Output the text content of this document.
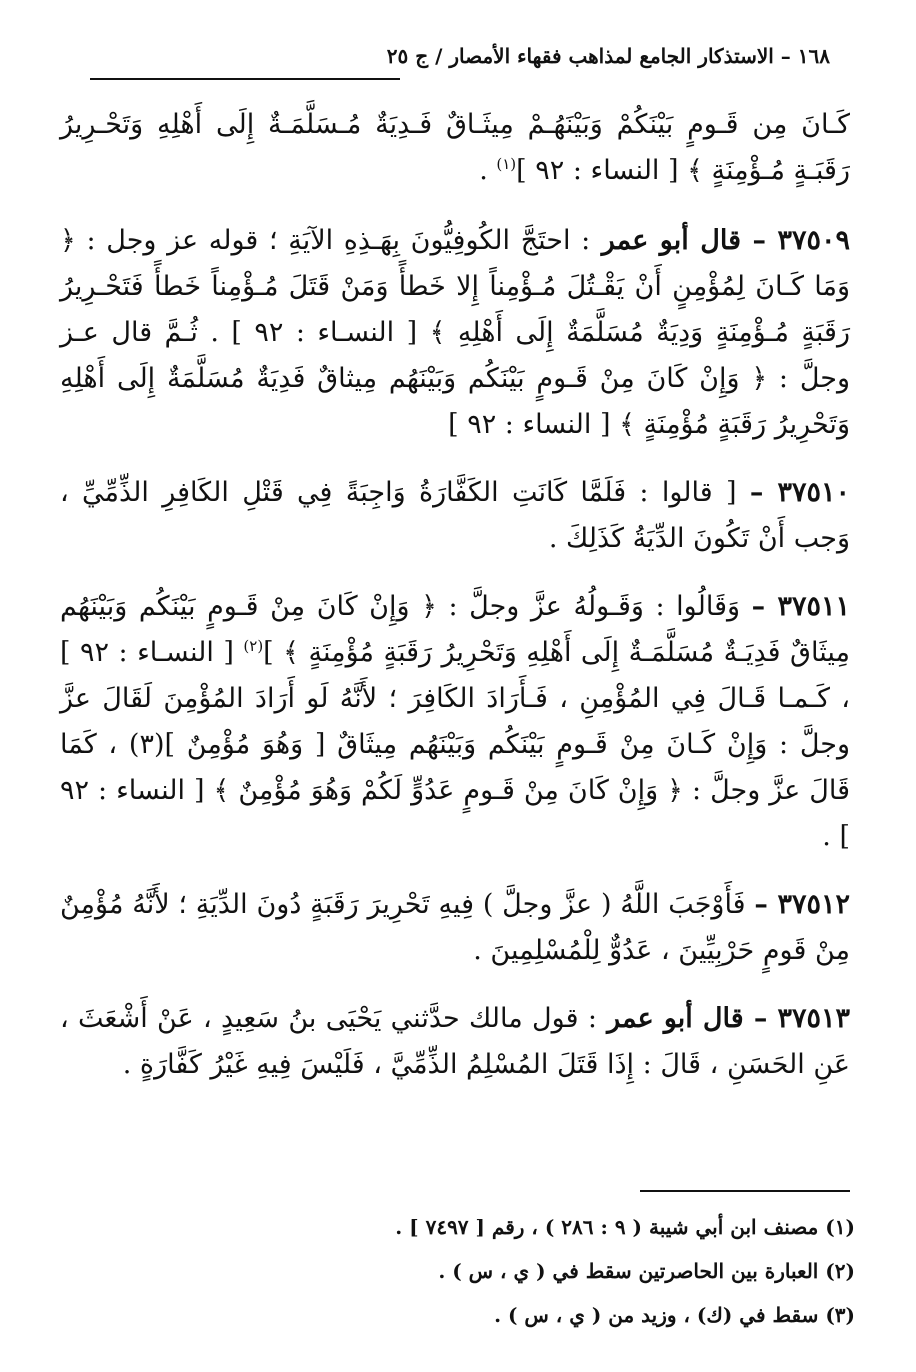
١٦٨ – الاستذكار الجامع لمذاهب فقهاء الأمصار / ج ٢٥

كَـانَ مِن قَـومٍ بَيْنَكُمْ وَبَيْنَهُـمْ مِيثَـاقٌ فَـدِيَةٌ مُـسَلَّمَـةٌ إِلَى أَهْلِهِ وَتَحْـرِيرُ رَقَبَـةٍ مُـؤْمِنَةٍ ﴾ [ النساء : ٩٢ ]$^{(١)}$ .

٣٧٥٠٩ – قال أبو عمر : احتَجَّ الكُوفِيُّونَ بِهَـذِهِ الآيَةِ ؛ قوله عز وجل : ﴿ وَمَا كَـانَ لِمُؤْمِنٍ أَنْ يَقْـتُلَ مُـؤْمِناً إِلا خَطأً وَمَنْ قَتَلَ مُـؤْمِناً خَطأً فَتَحْـرِيرُ رَقَبَةٍ مُـؤْمِنَةٍ وَدِيَةٌ مُسَلَّمَةٌ إِلَى أَهْلِهِ ﴾ [ النسـاء : ٩٢ ] . ثُـمَّ قال عـز وجلَّ : ﴿ وَإِنْ كَانَ مِنْ قَـومٍ بَيْنَكُم وَبَيْنَهُم مِيثاقٌ فَدِيَةٌ مُسَلَّمَةٌ إِلَى أَهْلِهِ وَتَحْرِيرُ رَقَبَةٍ مُؤْمِنَةٍ ﴾ [ النساء : ٩٢ ]

٣٧٥١٠ – [ قالوا : فَلَمَّا كَانَتِ الكَفَّارَةُ وَاجِبَةً فِي قَتْلِ الكَافِرِ الذِّمِّيِّ ، وَجب أَنْ تَكُونَ الدِّيَةُ كَذَلِكَ .

٣٧٥١١ – وَقَالُوا : وَقَـولُهُ عزَّ وجلَّ : ﴿ وَإِنْ كَانَ مِنْ قَـومٍ بَيْنَكُم وَبَيْنَهُم مِيثَاقٌ فَدِيَـةٌ مُسَلَّمَـةٌ إِلَى أَهْلِهِ وَتَحْرِيرُ رَقَبَةٍ مُؤْمِنَةٍ ﴾ ]$^{(٢)}$ [ النسـاء : ٩٢ ] ، كَـمـا قَـالَ فِي المُؤْمِنِ ، فَـأَرَادَ الكَافِرَ ؛ لأَنَّهُ لَو أَرَادَ المُؤْمِنَ لَقَالَ عزَّ وجلَّ : وَإِنْ كَـانَ مِنْ قَـومٍ بَيْنَكُم وَبَيْنَهُم مِيثَاقٌ [ وَهُوَ مُؤْمِنٌ ](٣) ، كَمَا قَالَ عزَّ وجلَّ : ﴿ وَإِنْ كَانَ مِنْ قَـومٍ عَدُوٍّ لَكُمْ وَهُوَ مُؤْمِنٌ ﴾ [ النساء : ٩٢ ] .

٣٧٥١٢ – فَأَوْجَبَ اللَّهُ ( عزَّ وجلَّ ) فِيهِ تَحْرِيرَ رَقَبَةٍ دُونَ الدِّيَةِ ؛ لأَنَّهُ مُؤْمِنٌ مِنْ قَومٍ حَرْبِيِّينَ ، عَدُوٌّ لِلْمُسْلِمِينَ .

٣٧٥١٣ – قال أبو عمر : قول مالك حدَّثني يَحْيَى بنُ سَعِيدٍ ، عَنْ أَشْعَثَ ، عَنِ الحَسَنِ ، قَالَ : إِذَا قَتَلَ المُسْلِمُ الذِّمِّيَّ ، فَلَيْسَ فِيهِ غَيْرُ كَفَّارَةٍ .

(١) مصنف ابن أبي شيبة ( ٩ : ٢٨٦ ) ، رقم [ ٧٤٩٧ ] .

(٢) العبارة بين الحاصرتين سقط في ( ي ، س ) .

(٣) سقط في (ك) ، وزيد من ( ي ، س ) .
